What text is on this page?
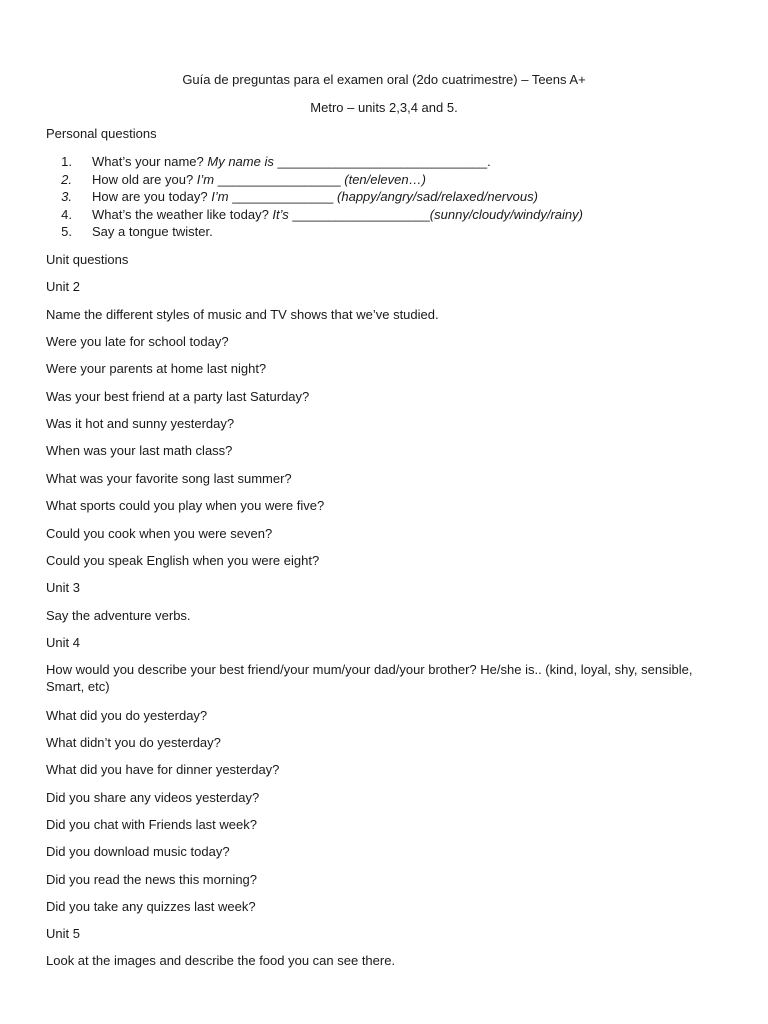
Guía de preguntas para el examen oral (2do cuatrimestre) – Teens A+
Metro – units 2,3,4 and 5.
Personal questions
1.	What’s your name? My name is _____________________________.
2.	How old are you? I’m _________________ (ten/eleven…)
3.	How are you today? I’m ______________ (happy/angry/sad/relaxed/nervous)
4.	What’s the weather like today? It’s ___________________(sunny/cloudy/windy/rainy)
5.	Say a tongue twister.
Unit questions
Unit 2
Name the different styles of music and TV shows that we’ve studied.
Were you late for school today?
Were your parents at home last night?
Was your best friend at a party last Saturday?
Was it hot and sunny yesterday?
When was your last math class?
What was your favorite song last summer?
What sports could you play when you were five?
Could you cook when you were seven?
Could you speak English when you were eight?
Unit 3
Say the adventure verbs.
Unit 4
How would you describe your best friend/your mum/your dad/your brother? He/she is.. (kind, loyal, shy, sensible, Smart, etc)
What did you do yesterday?
What didn’t you do yesterday?
What did you have for dinner yesterday?
Did you share any videos yesterday?
Did you chat with Friends last week?
Did you download music today?
Did you read the news this morning?
Did you take any quizzes last week?
Unit 5
Look at the images and describe the food you can see there.
